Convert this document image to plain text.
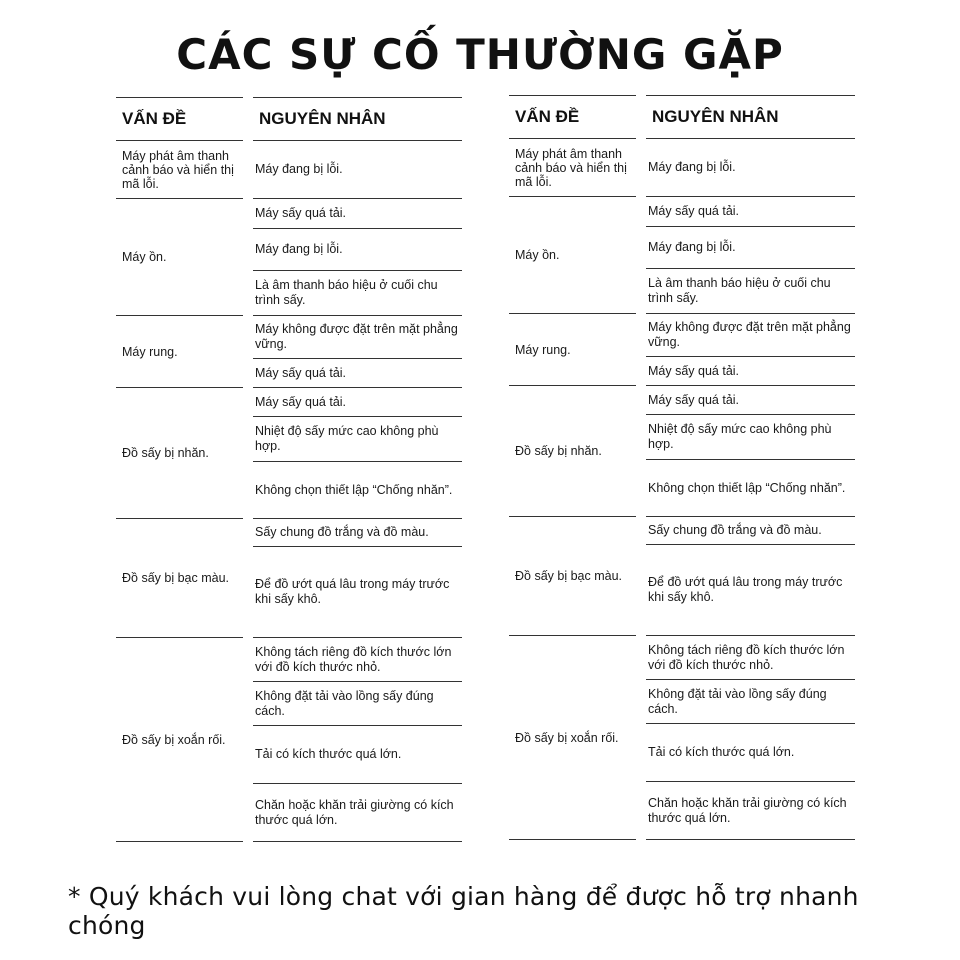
CÁC SỰ CỐ THƯỜNG GẶP
VẤN ĐỀ	NGUYÊN NHÂN
Máy phát âm thanh cảnh báo và hiển thị mã lỗi.
Máy đang bị lỗi.
Máy ồn.
Máy sấy quá tải.
Máy đang bị lỗi.
Là âm thanh báo hiệu ở cuối chu trình sấy.
Máy rung.
Máy không được đặt trên mặt phẳng vững.
Máy sấy quá tải.
Đồ sấy bị nhăn.
Máy sấy quá tải.
Nhiệt độ sấy mức cao không phù hợp.
Không chọn thiết lập “Chống nhăn”.
Đồ sấy bị bạc màu.
Sấy chung đồ trắng và đồ màu.
Để đồ ướt quá lâu trong máy trước khi sấy khô.
Đồ sấy bị xoắn rối.
Không tách riêng đồ kích thước lớn với đồ kích thước nhỏ.
Không đặt tải vào lồng sấy đúng cách.
Tải có kích thước quá lớn.
Chăn hoặc khăn trải giường có kích thước quá lớn.
VẤN ĐỀ	NGUYÊN NHÂN
Máy phát âm thanh cảnh báo và hiển thị mã lỗi.
Máy đang bị lỗi.
Máy ồn.
Máy sấy quá tải.
Máy đang bị lỗi.
Là âm thanh báo hiệu ở cuối chu trình sấy.
Máy rung.
Máy không được đặt trên mặt phẳng vững.
Máy sấy quá tải.
Đồ sấy bị nhăn.
Máy sấy quá tải.
Nhiệt độ sấy mức cao không phù hợp.
Không chọn thiết lập “Chống nhăn”.
Đồ sấy bị bạc màu.
Sấy chung đồ trắng và đồ màu.
Để đồ ướt quá lâu trong máy trước khi sấy khô.
Đồ sấy bị xoắn rối.
Không tách riêng đồ kích thước lớn với đồ kích thước nhỏ.
Không đặt tải vào lồng sấy đúng cách.
Tải có kích thước quá lớn.
Chăn hoặc khăn trải giường có kích thước quá lớn.
* Quý khách vui lòng chat với gian hàng để được hỗ trợ nhanh chóng
